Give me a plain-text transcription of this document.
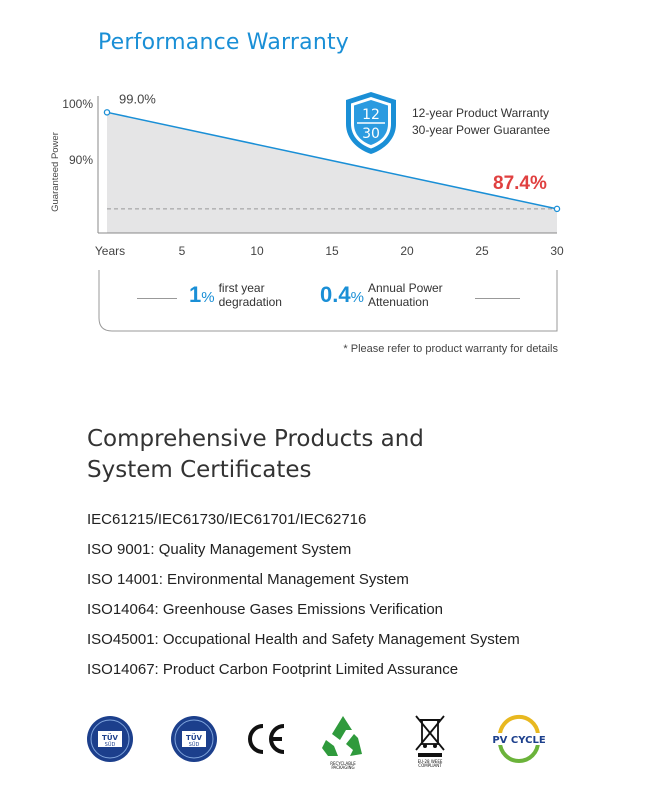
Performance Warranty
99.0%
100%
90%
Guaranteed Power
Years	5	10	15	20	25	30
12
30
12-year Product Warranty
30-year Power Guarantee
87.4%
1 %
first year
degradation 0.4 %
Annual Power
Attenuation
* Please refer to product warranty for details
Comprehensive Products and
System Certificates
IEC61215/IEC61730/IEC61701/IEC62716
ISO 9001: Quality Management System
ISO 14001: Environmental Management System
ISO14064: Greenhouse Gases Emissions Verification
ISO45001: Occupational Health and Safety Management System
ISO14067: Product Carbon Footprint Limited Assurance
TÜV
SÜD
TÜV
SÜD
RECYCLABLE
PACKAGING
EU-28 WEEE
COMPLIANT
PV CYCLE
